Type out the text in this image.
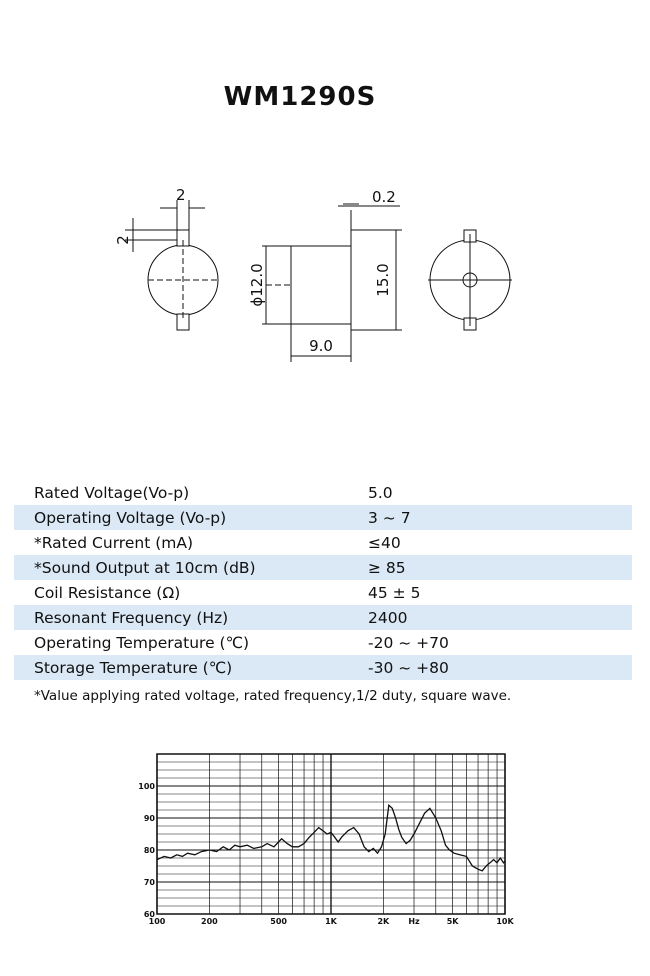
WM1290S
2
2
0.2
ϕ12.0	15.0
9.0
Rated Voltage(Vo-p)	5.0
Operating Voltage (Vo-p)	3 ~ 7
*Rated Current (mA)	≤40
*Sound Output at 10cm (dB)	≥ 85
Coil Resistance (Ω)	45 ± 5
Resonant Frequency (Hz)	2400
Operating Temperature (℃)	-20 ~ +70
Storage Temperature (℃)	-30 ~ +80
*Value applying rated voltage, rated frequency,1/2 duty, square wave.
100	200	500	1K	2K Hz	5K	10K
60
70
80
90
100
